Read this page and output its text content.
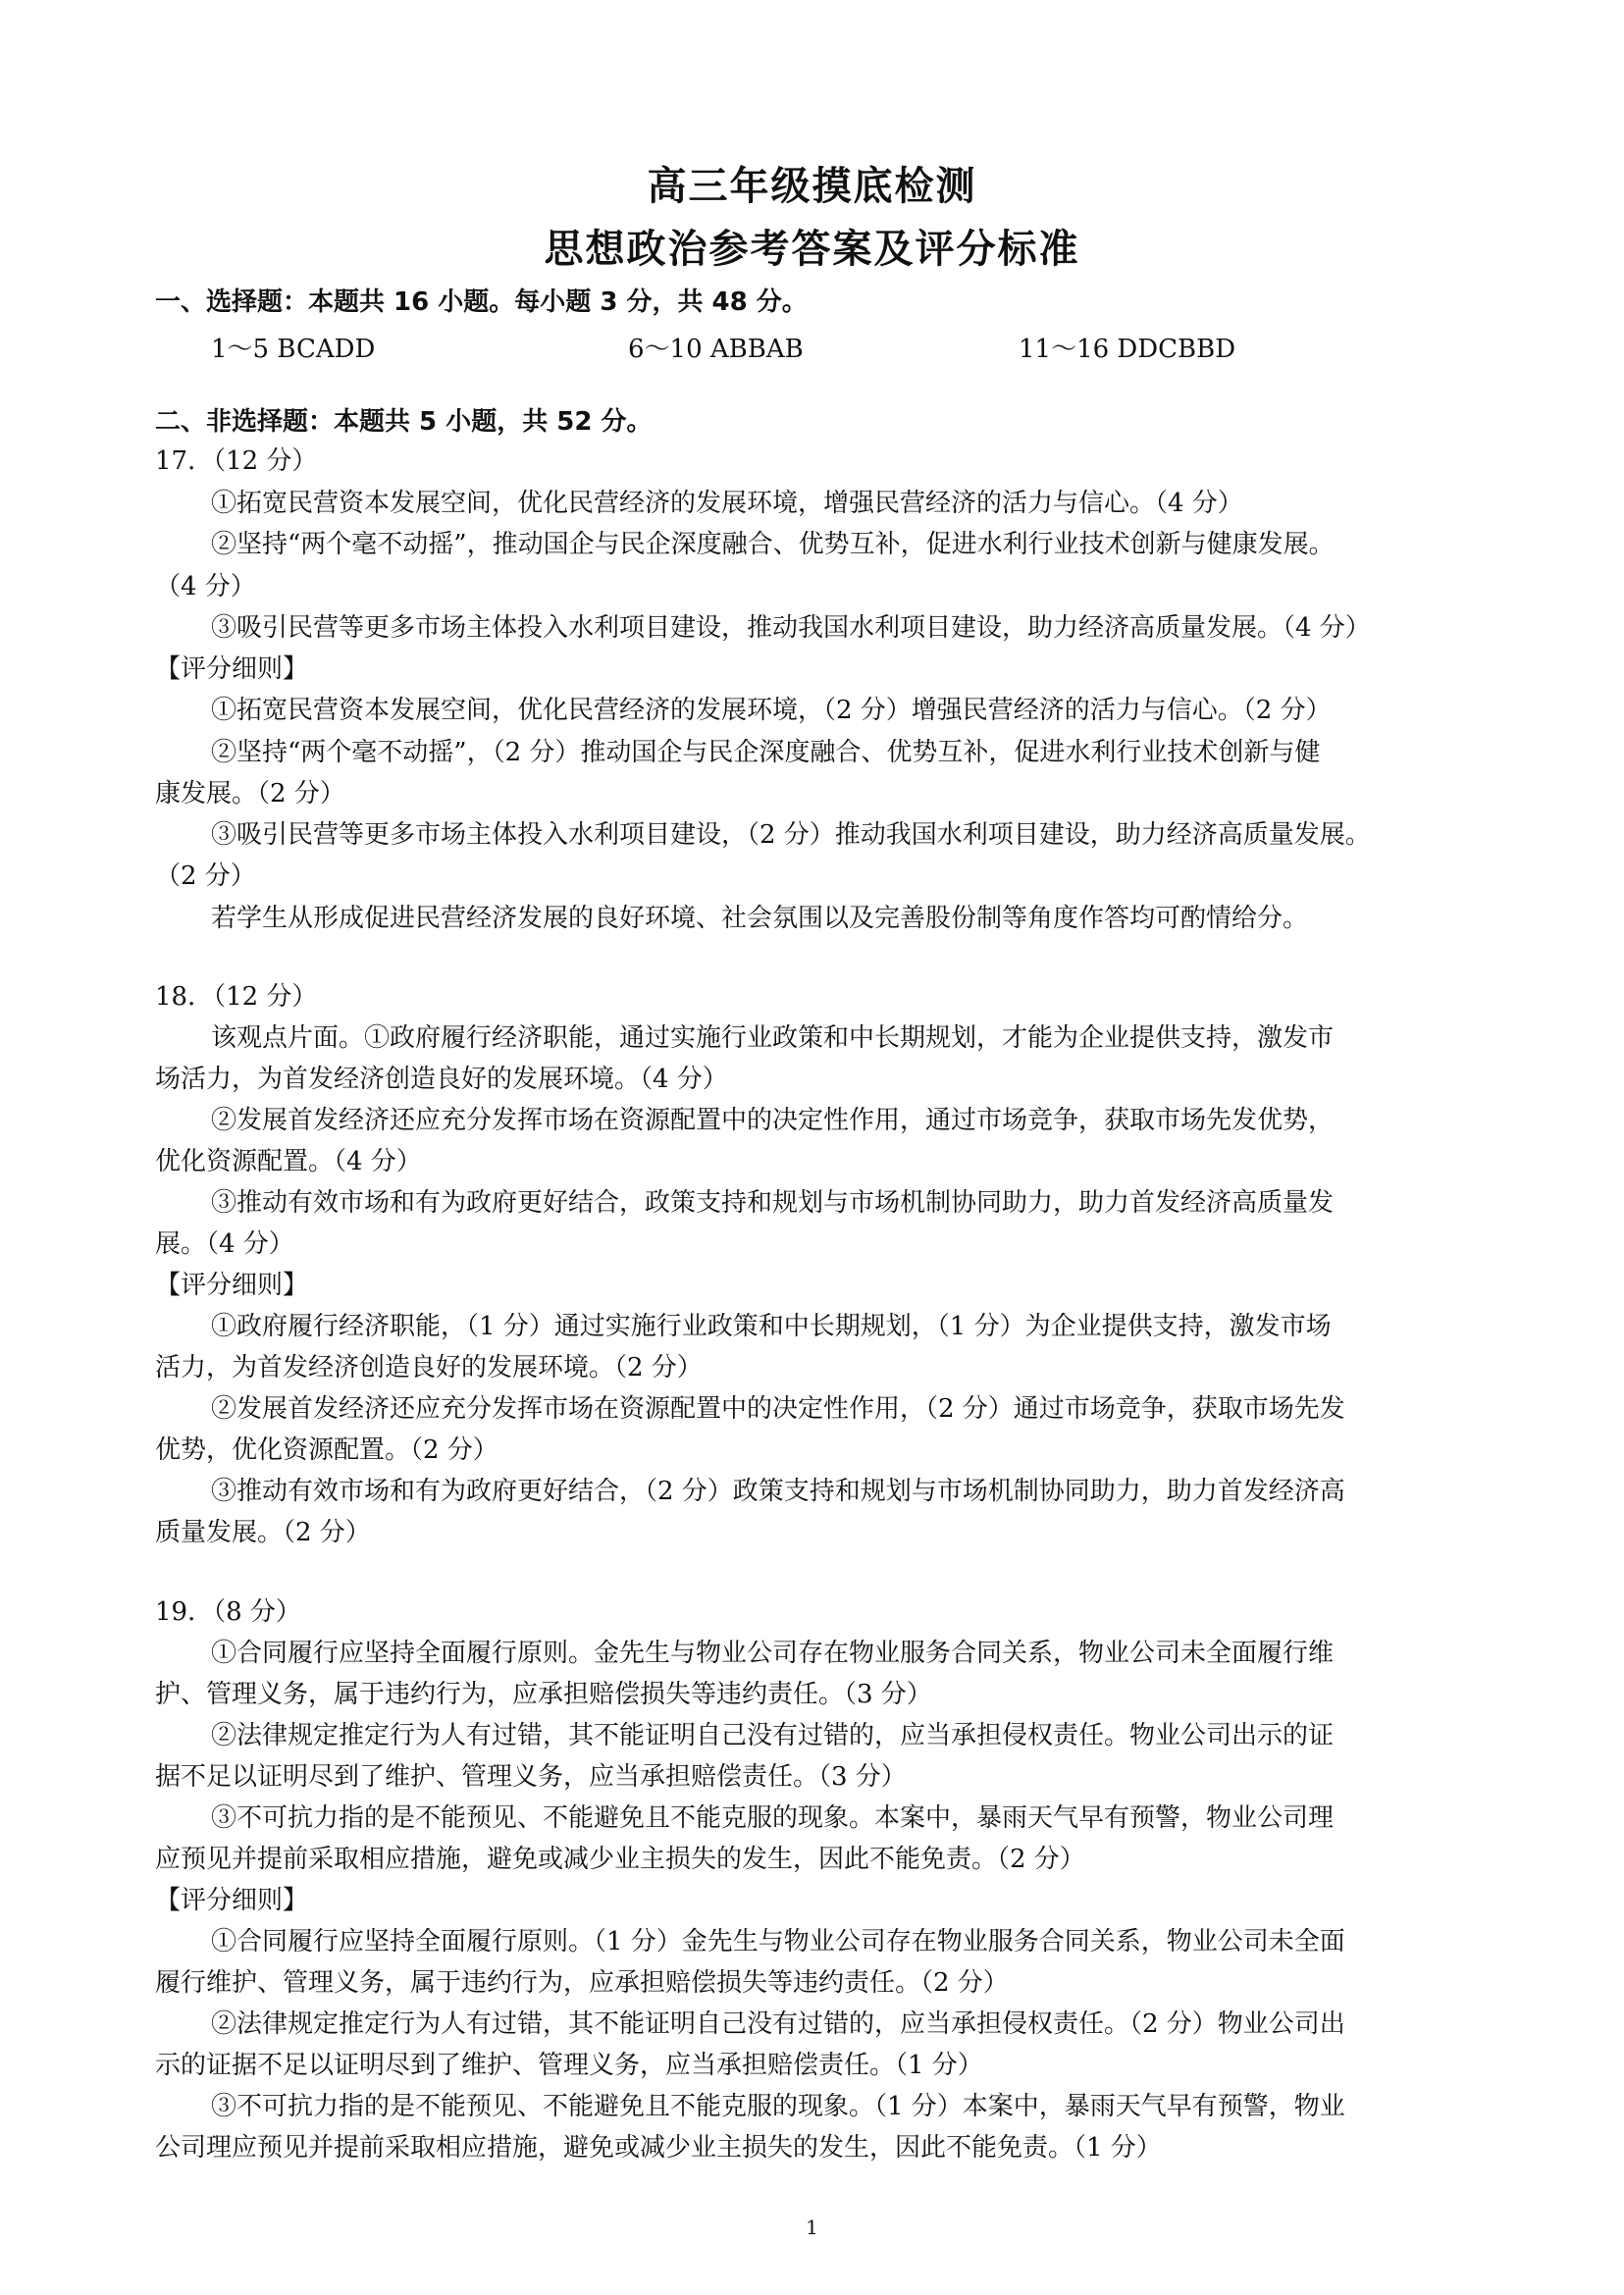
高三年级摸底检测
思想政治参考答案及评分标准
一、选择题：本题共 16 小题。每小题 3 分，共 48 分。
1～5 BCADD	6～10 ABBAB	11～16 DDCBBD
二、非选择题：本题共 5 小题，共 52 分。
17．（12 分）
①拓宽民营资本发展空间，优化民营经济的发展环境，增强民营经济的活力与信心。（4 分）
②坚持“两个毫不动摇”，推动国企与民企深度融合、优势互补，促进水利行业技术创新与健康发展。
（4 分）
③吸引民营等更多市场主体投入水利项目建设，推动我国水利项目建设，助力经济高质量发展。（4 分）
【评分细则】
①拓宽民营资本发展空间，优化民营经济的发展环境，（2 分）增强民营经济的活力与信心。（2 分）
②坚持“两个毫不动摇”，（2 分）推动国企与民企深度融合、优势互补，促进水利行业技术创新与健
康发展。（2 分）
③吸引民营等更多市场主体投入水利项目建设，（2 分）推动我国水利项目建设，助力经济高质量发展。
（2 分）
若学生从形成促进民营经济发展的良好环境、社会氛围以及完善股份制等角度作答均可酌情给分。
18．（12 分）
该观点片面。①政府履行经济职能，通过实施行业政策和中长期规划，才能为企业提供支持，激发市
场活力，为首发经济创造良好的发展环境。（4 分）
②发展首发经济还应充分发挥市场在资源配置中的决定性作用，通过市场竞争，获取市场先发优势，
优化资源配置。（4 分）
③推动有效市场和有为政府更好结合，政策支持和规划与市场机制协同助力，助力首发经济高质量发
展。（4 分）
【评分细则】
①政府履行经济职能，（1 分）通过实施行业政策和中长期规划，（1 分）为企业提供支持，激发市场
活力，为首发经济创造良好的发展环境。（2 分）
②发展首发经济还应充分发挥市场在资源配置中的决定性作用，（2 分）通过市场竞争，获取市场先发
优势，优化资源配置。（2 分）
③推动有效市场和有为政府更好结合，（2 分）政策支持和规划与市场机制协同助力，助力首发经济高
质量发展。（2 分）
19．（8 分）
①合同履行应坚持全面履行原则。金先生与物业公司存在物业服务合同关系，物业公司未全面履行维
护、管理义务，属于违约行为，应承担赔偿损失等违约责任。（3 分）
②法律规定推定行为人有过错，其不能证明自己没有过错的，应当承担侵权责任。物业公司出示的证
据不足以证明尽到了维护、管理义务，应当承担赔偿责任。（3 分）
③不可抗力指的是不能预见、不能避免且不能克服的现象。本案中，暴雨天气早有预警，物业公司理
应预见并提前采取相应措施，避免或减少业主损失的发生，因此不能免责。（2 分）
【评分细则】
①合同履行应坚持全面履行原则。（1 分）金先生与物业公司存在物业服务合同关系，物业公司未全面
履行维护、管理义务，属于违约行为，应承担赔偿损失等违约责任。（2 分）
②法律规定推定行为人有过错，其不能证明自己没有过错的，应当承担侵权责任。（2 分）物业公司出
示的证据不足以证明尽到了维护、管理义务，应当承担赔偿责任。（1 分）
③不可抗力指的是不能预见、不能避免且不能克服的现象。（1 分）本案中，暴雨天气早有预警，物业
公司理应预见并提前采取相应措施，避免或减少业主损失的发生，因此不能免责。（1 分）
1
